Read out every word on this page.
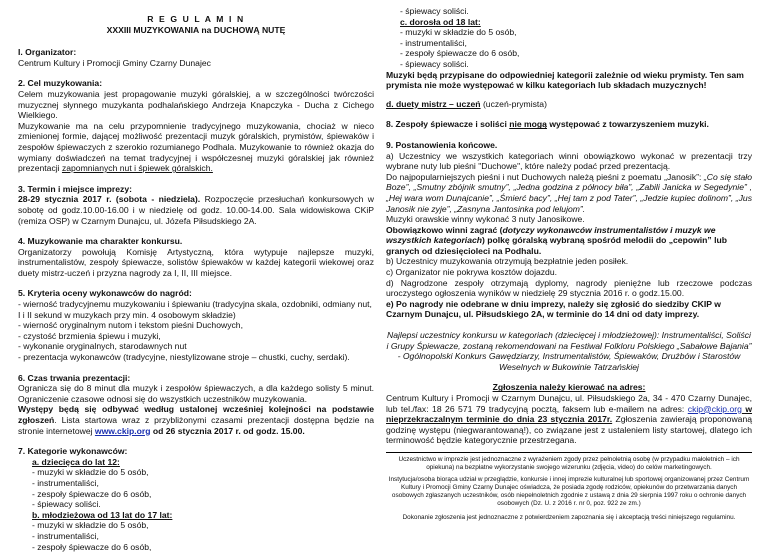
R E G U L A M I N

XXXIII MUZYKOWANIA na DUCHOWĄ NUTĘ

I. Organizator:

Centrum Kultury i Promocji Gminy Czarny Dunajec

2. Cel muzykowania:

Celem muzykowania jest propagowanie muzyki góralskiej, a w szczególności twórczości muzycznej słynnego muzykanta podhalańskiego Andrzeja Knapczyka - Ducha z Cichego Wielkiego.

Muzykowanie ma na celu przypomnienie tradycyjnego muzykowania, chociaż w nieco zmienionej formie, dającej możliwość prezentacji muzyk góralskich, prymistów, śpiewaków i zespołów śpiewaczych z szerokio rozumianego Podhala. Muzykowanie to również okazja do wymiany doświadczeń na temat tradycyjnej i współczesnej muzyki góralskiej jak również prezentacji zapomnianych nut i śpiewek góralskich.

3. Termin i miejsce imprezy:

28-29 stycznia 2017 r. (sobota - niedziela). Rozpoczęcie przesłuchań konkursowych w sobotę od godz.10.00-16.00 i w niedzielę od godz. 10.00-14.00. Sala widowiskowa CKiP (remiza OSP) w Czarnym Dunajcu, ul. Józefa Piłsudskiego 2A.

4. Muzykowanie ma charakter konkursu.

Organizatorzy powołują Komisję Artystyczną, która wytypuje najlepsze muzyki, instrumentalistów, zespoły śpiewacze, solistów śpiewaków w każdej kategorii wiekowej oraz duety mistrz-uczeń i przyzna nagrody za I, II, III miejsce.

5. Kryteria oceny wykonawców do nagród:

- wierność tradycyjnemu muzykowaniu i śpiewaniu (tradycyjna skala, ozdobniki, odmiany nut, I i II sekund w muzykach przy min. 4 osobowym składzie)

- wierność oryginalnym nutom i tekstom pieśni Duchowych,

- czystość brzmienia śpiewu i muzyki,

- wykonanie oryginalnych, starodawnych nut

- prezentacja wykonawców (tradycyjne, niestylizowane stroje – chustki, cuchy, serdaki).

6. Czas trwania prezentacji:

Ogranicza się do 8 minut dla muzyk i zespołów śpiewaczych, a dla każdego solisty 5 minut. Ograniczenie czasowe odnosi się do wszystkich uczestników muzykowania.

Występy będą się odbywać według ustalonej wcześniej kolejności na podstawie zgłoszeń. Lista startowa wraz z przybliżonymi czasami prezentacji dostępna będzie na stronie internetowej www.ckip.org od 26 stycznia 2017 r. od godz. 15.00.

7. Kategorie wykonawców:

a. dziecięca do lat 12:

- muzyki w składzie do 5 osób,

- instrumentaliści,

- zespoły śpiewacze do 6 osób,

- śpiewacy soliści.

b. młodzieżowa od 13 lat do 17 lat:

- muzyki w składzie do 5 osób,

- instrumentaliści,

- zespoły śpiewacze do 6 osób,

- śpiewacy soliści.

c. dorosła od 18 lat:

- muzyki w składzie do 5 osób,

- instrumentaliści,

- zespoły śpiewacze do 6 osób,

- śpiewacy soliści.

Muzyki będą przypisane do odpowiedniej kategorii zależnie od wieku prymisty. Ten sam prymista nie może występować w kilku kategoriach lub składach muzycznych!

d. duety mistrz – uczeń (uczeń-prymista)

8. Zespoły śpiewacze i soliści nie mogą występować z towarzyszeniem muzyki.

9. Postanowienia końcowe.

a) Uczestnicy we wszystkich kategoriach winni obowiązkowo wykonać w prezentacji trzy wybrane nuty lub pieśni "Duchowe", które należy podać przed prezentacją.

Do najpopularniejszych pieśni i nut Duchowych należą pieśni z poematu „Janosik”: „Co się stało Boze”, „Smutny zbójnik smutny”, „Jedna godzina z północy biła”, „Zabili Janicka w Segedynie” , „Hej wara wom Dunajcanie”, „Śmierć bacy”, „Hej tam z pod Tater”, „Jedzie kupiec dolinom”, „Jus Janosik nie zyje”, „Zasnyna Jantosinka pod lelujom”.

Muzyki orawskie winny wykonać 3 nuty Janosikowe.

Obowiązkowo winni zagrać (dotyczy wykonawców instrumentalistów i muzyk we wszystkich kategoriach) polkę góralską wybraną spośród melodii do „cepowin” lub granych od dziesięcioleci na Podhalu.

b) Uczestnicy muzykowania otrzymują bezpłatnie jeden posiłek.

c) Organizator nie pokrywa kosztów dojazdu.

d) Nagrodzone zespoły otrzymają dyplomy, nagrody pieniężne lub rzeczowe podczas uroczystego ogłoszenia wyników w niedzielę 29 stycznia 2016 r. o godz.15.00.

e) Po nagrody nie odebrane w dniu imprezy, należy się zgłosić do siedziby CKIP w Czarnym Dunajcu, ul. Piłsudskiego 2A, w terminie do 14 dni od daty imprezy.

Najlepsi uczestnicy konkursu w kategoriach (dziecięcej i młodzieżowej): Instrumentaliści, Soliści i Grupy Śpiewacze, zostaną rekomendowani na Festiwal Folkloru Polskiego „Sabałowe Bajania” - Ogólnopolski Konkurs Gawędziarzy, Instrumentalistów, Śpiewaków, Drużbów i Starostów Weselnych w Bukowinie Tatrzańskiej

Zgłoszenia należy kierować na adres:

Centrum Kultury i Promocji w Czarnym Dunajcu, ul. Piłsudskiego 2a, 34 - 470 Czarny Dunajec, lub tel./fax: 18 26 571 79 tradycyjną pocztą, faksem lub e-mailem na adres: ckip@ckip.org w nieprzekraczalnym terminie do dnia 23 stycznia 2017r. Zgłoszenia zawierają proponowaną godzinę występu (niegwarantowaną!), co związane jest z ustaleniem listy startowej, dlatego ich terminowość będzie kategorycznie przestrzegana.

Uczestnictwo w imprezie jest jednoznaczne z wyrażeniem zgody przez pełnoletnią osobę (w przypadku małoletnich – ich opiekuna) na bezpłatne wykorzystanie swojego wizerunku (zdjęcia, video) do celów marketingowych.

Instytucja/osoba biorąca udział w przeglądzie, konkursie i innej imprezie kulturalnej lub sportowej organizowanej przez Centrum Kultury i Promocji Gminy Czarny Dunajec oświadcza, że posiada zgodę rodziców, opiekunów do przetwarzania danych osobowych zgłaszanych uczestników, osób niepełnoletnich zgodnie z ustawą z dnia 29 sierpnia 1997 roku o ochronie danych osobowych (Dz. U. z 2016 r. nr 0, poz. 922 ze zm.)

Dokonanie zgłoszenia jest jednoznaczne z potwierdzeniem zapoznania się i akceptacją treści niniejszego regulaminu.
